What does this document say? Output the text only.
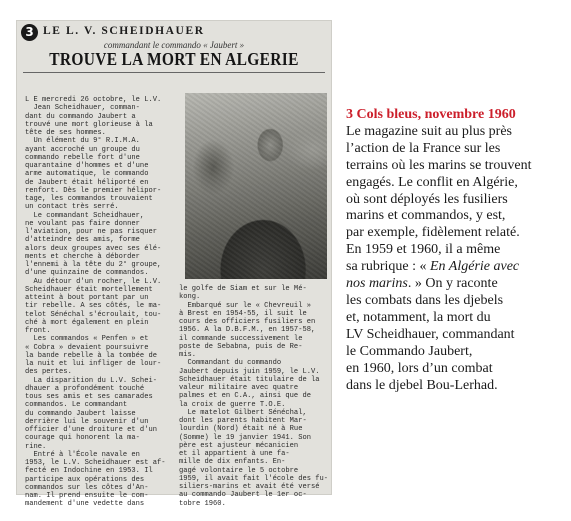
3 LE L. V. SCHEIDHAUER
commandant le commando « Jaubert »
TROUVE LA MORT EN ALGERIE
L E mercredi 26 octobre, le L.V.
Jean Scheidhauer, comman-
dant du commando Jaubert a
trouvé une mort glorieuse à la
tête de ses hommes.
Un élément du 9° R.I.M.A.
ayant accroché un groupe du
commando rebelle fort d'une
quarantaine d'hommes et d'une
arme automatique, le commando
de Jaubert était héliporté en
renfort. Dès le premier hélipor-
tage, les commandos trouvaient
un contact très serré.
Le commandant Scheidhauer,
ne voulant pas faire donner
l'aviation, pour ne pas risquer
d'atteindre des amis, forme
alors deux groupes avec ses élé-
ments et cherche à déborder
l'ennemi à la tête du 2° groupe,
d'une quinzaine de commandos.
Au détour d'un rocher, le L.V.
Scheidhauer était mortellement
atteint à bout portant par un
tir rebelle. A ses côtés, le ma-
telot Sénéchal s'écroulait, tou-
ché à mort également en plein
front.
Les commandos « Penfen » et
« Cobra » devaient poursuivre
la bande rebelle à la tombée de
la nuit et lui infliger de lour-
des pertes.
La disparition du L.V. Schei-
dhauer a profondément touché
tous ses amis et ses camarades
commandos. Le commandant
du commando Jaubert laisse
derrière lui le souvenir d'un
officier d'une droiture et d'un
courage qui honorent la ma-
rine.
Entré à l'École navale en
1953, le L.V. Scheidhauer est af-
fecté en Indochine en 1953. Il
participe aux opérations des
commandos sur les côtes d'An-
nam. Il prend ensuite le com-
mandement d'une vedette dans
le golfe de Siam et sur le Mé-
kong.
Embarqué sur le « Chevreuil »
à Brest en 1954-55, il suit le
cours des officiers fusiliers en
1956. A la D.B.F.M., en 1957-58,
il commande successivement le
poste de Sebabna, puis de Re-
mis.
Commandant du commando
Jaubert depuis juin 1959, le L.V.
Scheidhauer était titulaire de la
valeur militaire avec quatre
palmes et en C.A., ainsi que de
la croix de guerre T.O.E.
Le matelot Gilbert Sénéchal,
dont les parents habitent Mar-
lourdin (Nord) était né à Rue
(Somme) le 19 janvier 1941. Son
père est ajusteur mécanicien
et il appartient à une fa-
mille de dix enfants. En-
gagé volontaire le 5 octobre
1959, il avait fait l'école des fu-
siliers-marins et avait été versé
au commando Jaubert le 1er oc-
tobre 1960.
3 Cols bleus, novembre 1960
Le magazine suit au plus près
l’action de la France sur les
terrains où les marins se trouvent
engagés. Le conflit en Algérie,
où sont déployés les fusiliers
marins et commandos, y est,
par exemple, fidèlement relaté.
En 1959 et 1960, il a même
sa rubrique : « En Algérie avec
nos marins. » On y raconte
les combats dans les djebels
et, notamment, la mort du
LV Scheidhauer, commandant
le Commando Jaubert,
en 1960, lors d’un combat
dans le djebel Bou-Lerhad.
